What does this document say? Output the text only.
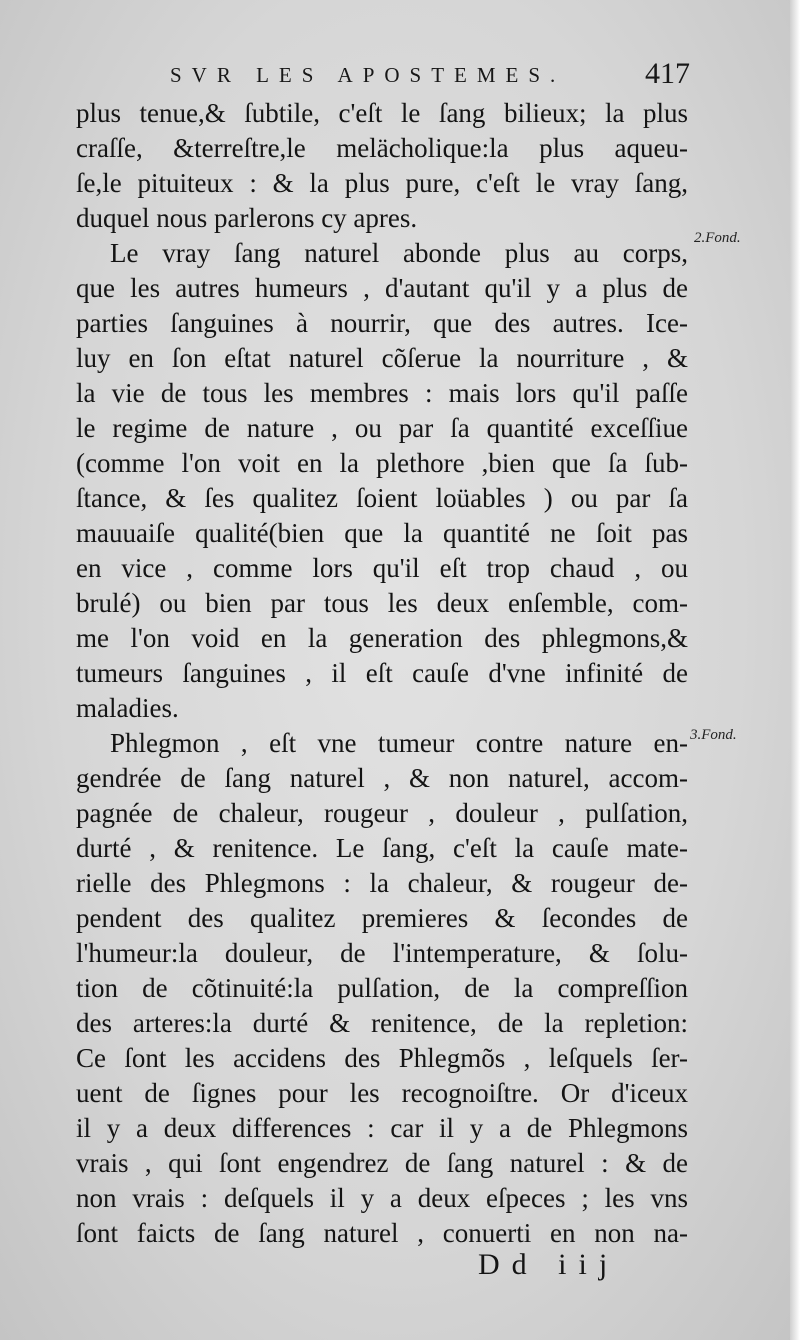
SVR LES APOSTEMES.	417
plus tenue,& ſubtile, c'eſt le ſang bilieux; la plus
craſſe, &terreſtre,le melächolique:la plus aqueu-
ſe,le pituiteux : & la plus pure, c'eſt le vray ſang,
duquel nous parlerons cy apres.
Le vray ſang naturel abonde plus au corps,
que les autres humeurs , d'autant qu'il y a plus de
parties ſanguines à nourrir, que des autres. Ice-
luy en ſon eſtat naturel cõſerue la nourriture , &
la vie de tous les membres : mais lors qu'il paſſe
le regime de nature , ou par ſa quantité exceſſiue
(comme l'on voit en la plethore ,bien que ſa ſub-
ſtance, & ſes qualitez ſoient loüables ) ou par ſa
mauuaiſe qualité(bien que la quantité ne ſoit pas
en vice , comme lors qu'il eſt trop chaud , ou
brulé) ou bien par tous les deux enſemble, com-
me l'on void en la generation des phlegmons,&
tumeurs ſanguines , il eſt cauſe d'vne infinité de
maladies.
Phlegmon , eſt vne tumeur contre nature en-
gendrée de ſang naturel , & non naturel, accom-
pagnée de chaleur, rougeur , douleur , pulſation,
durté , & renitence. Le ſang, c'eſt la cauſe mate-
rielle des Phlegmons : la chaleur, & rougeur de-
pendent des qualitez premieres & ſecondes de
l'humeur:la douleur, de l'intemperature, & ſolu-
tion de cõtinuité:la pulſation, de la compreſſion
des arteres:la durté & renitence, de la repletion:
Ce ſont les accidens des Phlegmõs , leſquels ſer-
uent de ſignes pour les recognoiſtre. Or d'iceux
il y a deux differences : car il y a de Phlegmons
vrais , qui ſont engendrez de ſang naturel : & de
non vrais : deſquels il y a deux eſpeces ; les vns
ſont faicts de ſang naturel , conuerti en non na-
2.Fond.
3.Fond.
Dd iij
